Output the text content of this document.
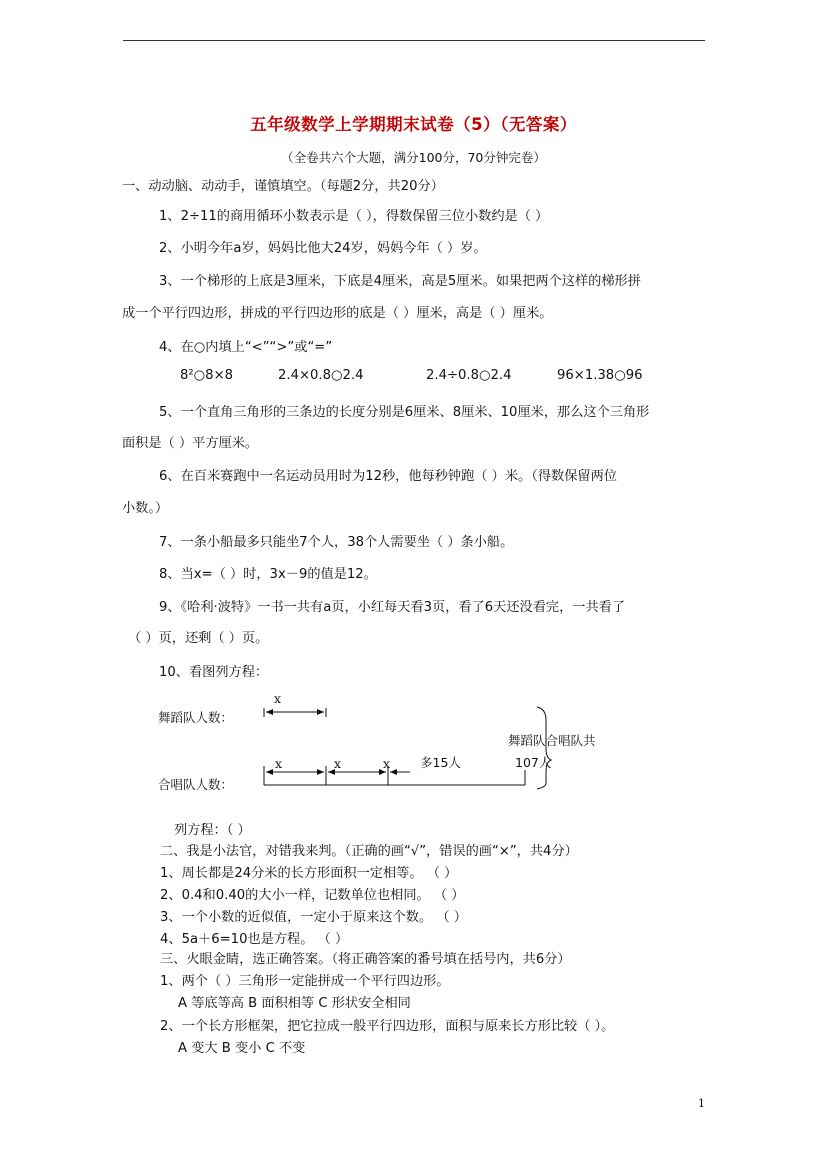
五年级数学上学期期末试卷（5）（无答案）
（全卷共六个大题，满分100分，70分钟完卷）
一、动动脑、动动手，谨慎填空。（每题2分，共20分）
1、2÷11的商用循环小数表示是（ ），得数保留三位小数约是（ ）
2、小明今年a岁，妈妈比他大24岁，妈妈今年（ ）岁。
3、一个梯形的上底是3厘米，下底是4厘米，高是5厘米。如果把两个这样的梯形拼
成一个平行四边形，拼成的平行四边形的底是（ ）厘米，高是（ ）厘米。
4、在○内填上“<”“>”或“=”
8²○8×8	2.4×0.8○2.4	2.4÷0.8○2.4	96×1.38○96
5、一个直角三角形的三条边的长度分别是6厘米、8厘米、10厘米，那么这个三角形
面积是（ ）平方厘米。
6、在百米赛跑中一名运动员用时为12秒，他每秒钟跑（ ）米。（得数保留两位
小数。）
7、一条小船最多只能坐7个人，38个人需要坐（ ）条小船。
8、当x=（ ）时，3x－9的值是12。
9、《哈利·波特》一书一共有a页，小红每天看3页，看了6天还没看完，一共看了
（ ）页，还剩（ ）页。
10、看图列方程：
舞蹈队人数：
合唱队人数：
x
x	x	x 多15人
舞蹈队合唱队共
107人
列方程：（ ）
二、我是小法官，对错我来判。（正确的画“√”，错误的画“×”，共4分）
1、周长都是24分米的长方形面积一定相等。 （ ）
2、0.4和0.40的大小一样，记数单位也相同。 （ ）
3、一个小数的近似值，一定小于原来这个数。 （ ）
4、5a＋6=10也是方程。 （ ）
三、火眼金睛，选正确答案。（将正确答案的番号填在括号内，共6分）
1、两个（ ）三角形一定能拼成一个平行四边形。
A 等底等高 B 面积相等 C 形状安全相同
2、一个长方形框架，把它拉成一般平行四边形，面积与原来长方形比较（ ）。
A 变大 B 变小 C 不变
1
